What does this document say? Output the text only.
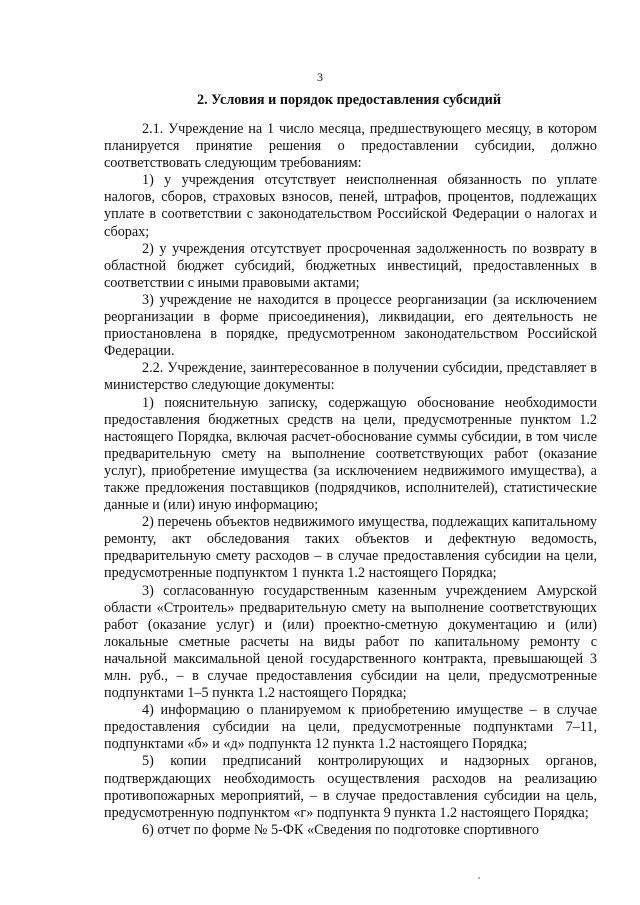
3
2. Условия и порядок предоставления субсидий

2.1. Учреждение на 1 число месяца, предшествующего месяцу, в котором планируется принятие решения о предоставлении субсидии, должно соответствовать следующим требованиям:

1) у учреждения отсутствует неисполненная обязанность по уплате налогов, сборов, страховых взносов, пеней, штрафов, процентов, подлежащих уплате в соответствии с законодательством Российской Федерации о налогах и сборах;

2) у учреждения отсутствует просроченная задолженность по возврату в областной бюджет субсидий, бюджетных инвестиций, предоставленных в соответствии с иными правовыми актами;

3) учреждение не находится в процессе реорганизации (за исключением реорганизации в форме присоединения), ликвидации, его деятельность не приостановлена в порядке, предусмотренном законодательством Российской Федерации.

2.2. Учреждение, заинтересованное в получении субсидии, представляет в министерство следующие документы:

1) пояснительную записку, содержащую обоснование необходимости предоставления бюджетных средств на цели, предусмотренные пунктом 1.2 настоящего Порядка, включая расчет-обоснование суммы субсидии, в том числе предварительную смету на выполнение соответствующих работ (оказание услуг), приобретение имущества (за исключением недвижимого имущества), а также предложения поставщиков (подрядчиков, исполнителей), статистические данные и (или) иную информацию;

2) перечень объектов недвижимого имущества, подлежащих капитальному ремонту, акт обследования таких объектов и дефектную ведомость, предварительную смету расходов – в случае предоставления субсидии на цели, предусмотренные подпунктом 1 пункта 1.2 настоящего Порядка;

3) согласованную государственным казенным учреждением Амурской области «Строитель» предварительную смету на выполнение соответствующих работ (оказание услуг) и (или) проектно-сметную документацию и (или) локальные сметные расчеты на виды работ по капитальному ремонту с начальной максимальной ценой государственного контракта, превышающей 3 млн. руб., – в случае предоставления субсидии на цели, предусмотренные подпунктами 1–5 пункта 1.2 настоящего Порядка;

4) информацию о планируемом к приобретению имуществе – в случае предоставления субсидии на цели, предусмотренные подпунктами 7–11, подпунктами «б» и «д» подпункта 12 пункта 1.2 настоящего Порядка;

5) копии предписаний контролирующих и надзорных органов, подтверждающих необходимость осуществления расходов на реализацию противопожарных мероприятий, – в случае предоставления субсидии на цель, предусмотренную подпунктом «г» подпункта 9 пункта 1.2 настоящего Порядка;

6) отчет по форме № 5-ФК «Сведения по подготовке спортивного
